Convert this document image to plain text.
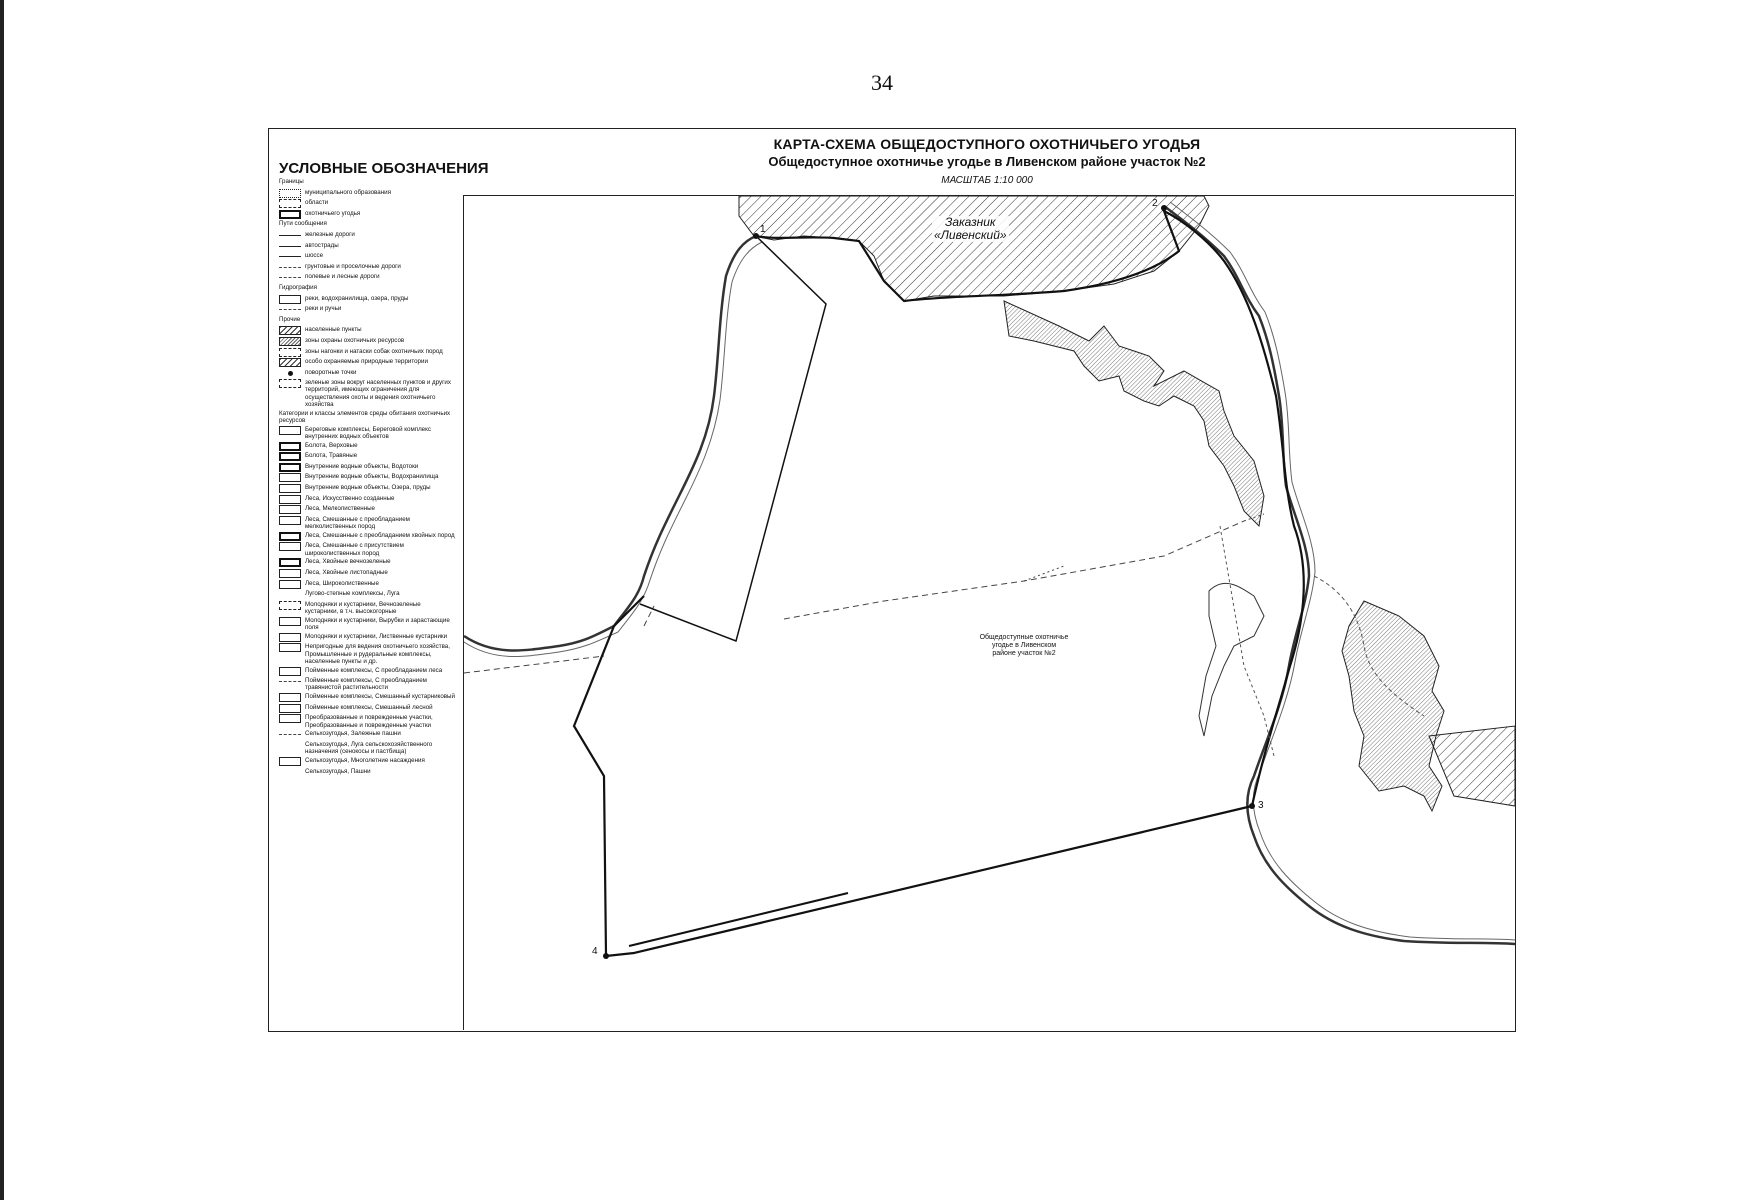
34
УСЛОВНЫЕ ОБОЗНАЧЕНИЯ
Границы
муниципального образования
области
охотничьего угодья
Пути сообщения
железные дороги
автострады
шоссе
грунтовые и проселочные дороги
полевые и лесные дороги
Гидрография
реки, водохранилища, озера, пруды
реки и ручьи
Прочие
населенные пункты
зоны охраны охотничьих ресурсов
зоны нагонки и натаски собак охотничьих пород
особо охраняемые природные территории
поворотные точки
зеленые зоны вокруг населенных пунктов и других территорий, имеющих ограничения для осуществления охоты и ведения охотничьего хозяйства
Категории и классы элементов среды обитания охотничьих ресурсов
Береговые комплексы, Береговой комплекс внутренних водных объектов
Болота, Верховые
Болота, Травяные
Внутренние водные объекты, Водотоки
Внутренние водные объекты, Водохранилища
Внутренние водные объекты, Озера, пруды
Леса, Искусственно созданные
Леса, Мелколиственные
Леса, Смешанные с преобладанием мелколиственных пород
Леса, Смешанные с преобладанием хвойных пород
Леса, Смешанные с присутствием широколиственных пород
Леса, Хвойные вечнозеленые
Леса, Хвойные листопадные
Леса, Широколиственные
Лугово-степные комплексы, Луга
Молодняки и кустарники, Вечнозеленые кустарники, в т.ч. высокогорные
Молодняки и кустарники, Вырубки и зарастающие поля
Молодняки и кустарники, Лиственные кустарники
Непригодные для ведения охотничьего хозяйства, Промышленные и рудеральные комплексы, населенные пункты и др.
Пойменные комплексы, С преобладанием леса
Пойменные комплексы, С преобладанием травянистой растительности
Пойменные комплексы, Смешанный кустарниковый
Пойменные комплексы, Смешанный лесной
Преобразованные и поврежденные участки, Преобразованные и поврежденные участки
Сельхозугодья, Залежные пашни
Сельхозугодья, Луга сельскохозяйственного назначения (сенокосы и пастбища)
Сельхозугодья, Многолетние насаждения
Сельхозугодья, Пашни
КАРТА-СХЕМА ОБЩЕДОСТУПНОГО ОХОТНИЧЬЕГО УГОДЬЯ
Общедоступное охотничье угодье в Ливенском районе участок №2
МАСШТАБ 1:10 000
Заказник
«Ливенский»
Общедоступные охотничье
угодье в Ливенском
районе участок №2
1
2
3
4
